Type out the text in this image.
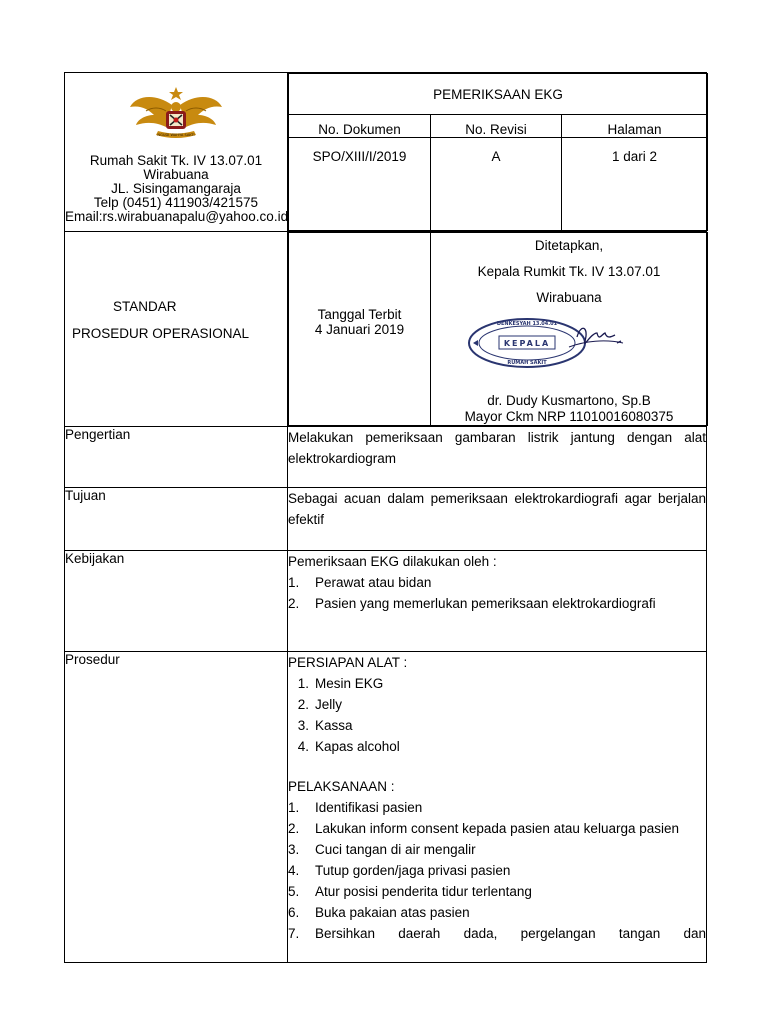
NGUDI WAHYA SAKTI
Rumah Sakit Tk. IV 13.07.01
Wirabuana
JL. Sisingamangaraja
Telp (0451) 411903/421575
Email:rs.wirabuanapalu@yahoo.co.id

PEMERIKSAAN EKG
No. Dokumen	No. Revisi	Halaman
SPO/XIII/I/2019	A	1 dari 2

STANDAR
PROSEDUR OPERASIONAL

Tanggal Terbit
4 Januari 2019

Ditetapkan,
Kepala Rumkit Tk. IV 13.07.01
Wirabuana
DENKESYAH 13.04.01
KEPALA
RUMAH SAKIT
dr. Dudy Kusmartono, Sp.B
Mayor Ckm NRP 11010016080375

Pengertian	Melakukan pemeriksaan gambaran listrik jantung dengan alat elektrokardiogram
Tujuan	Sebagai acuan dalam pemeriksaan elektrokardiografi agar berjalan efektif
Kebijakan	Pemeriksaan EKG dilakukan oleh :
1.	Perawat atau bidan
2.	Pasien yang memerlukan pemeriksaan elektrokardiografi

Prosedur	PERSIAPAN ALAT :
1. Mesin EKG
2. Jelly
3. Kassa
4. Kapas alcohol
PELAKSANAAN :
1.	Identifikasi pasien
2.	Lakukan inform consent kepada pasien atau keluarga pasien
3.	Cuci tangan di air mengalir
4.	Tutup gorden/jaga privasi pasien
5.	Atur posisi penderita tidur terlentang
6.	Buka pakaian atas pasien
7.	Bersihkan daerah dada, pergelangan tangan dan
